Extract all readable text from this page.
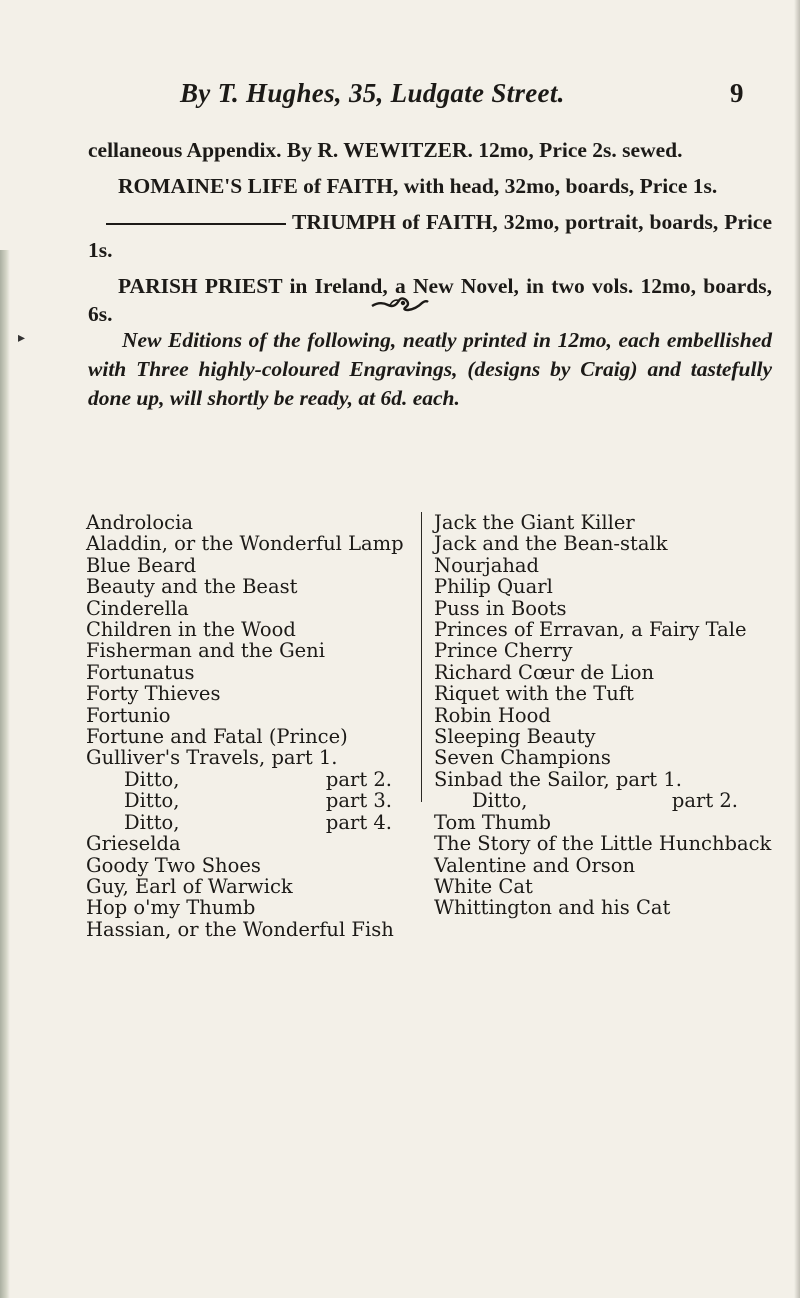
By T. Hughes, 35, Ludgate Street.	9
cellaneous Appendix. By R. WEWITZER. 12mo, Price 2s. sewed.
ROMAINE'S LIFE of FAITH, with head, 32mo, boards, Price 1s.
TRIUMPH of FAITH, 32mo, portrait, boards, Price 1s.
PARISH PRIEST in Ireland, a New Novel, in two vols. 12mo, boards, 6s.
▸	New Editions of the following, neatly printed in 12mo, each embellished with Three highly-coloured Engravings, (designs by Craig) and tastefully done up, will shortly be ready, at 6d. each.

Androlocia
Aladdin, or the Wonderful Lamp
Blue Beard
Beauty and the Beast
Cinderella
Children in the Wood
Fisherman and the Geni
Fortunatus
Forty Thieves
Fortunio
Fortune and Fatal (Prince)
Gulliver's Travels, part 1.
Ditto,	part 2.
Ditto,	part 3.
Ditto,	part 4.
Grieselda
Goody Two Shoes
Guy, Earl of Warwick
Hop o'my Thumb
Hassian, or the Wonderful Fish
Jack the Giant Killer
Jack and the Bean-stalk
Nourjahad
Philip Quarl
Puss in Boots
Princes of Erravan, a Fairy Tale
Prince Cherry
Richard Cœur de Lion
Riquet with the Tuft
Robin Hood
Sleeping Beauty
Seven Champions
Sinbad the Sailor, part 1.
Ditto,	part 2.
Tom Thumb
The Story of the Little Hunchback
Valentine and Orson
White Cat
Whittington and his Cat
